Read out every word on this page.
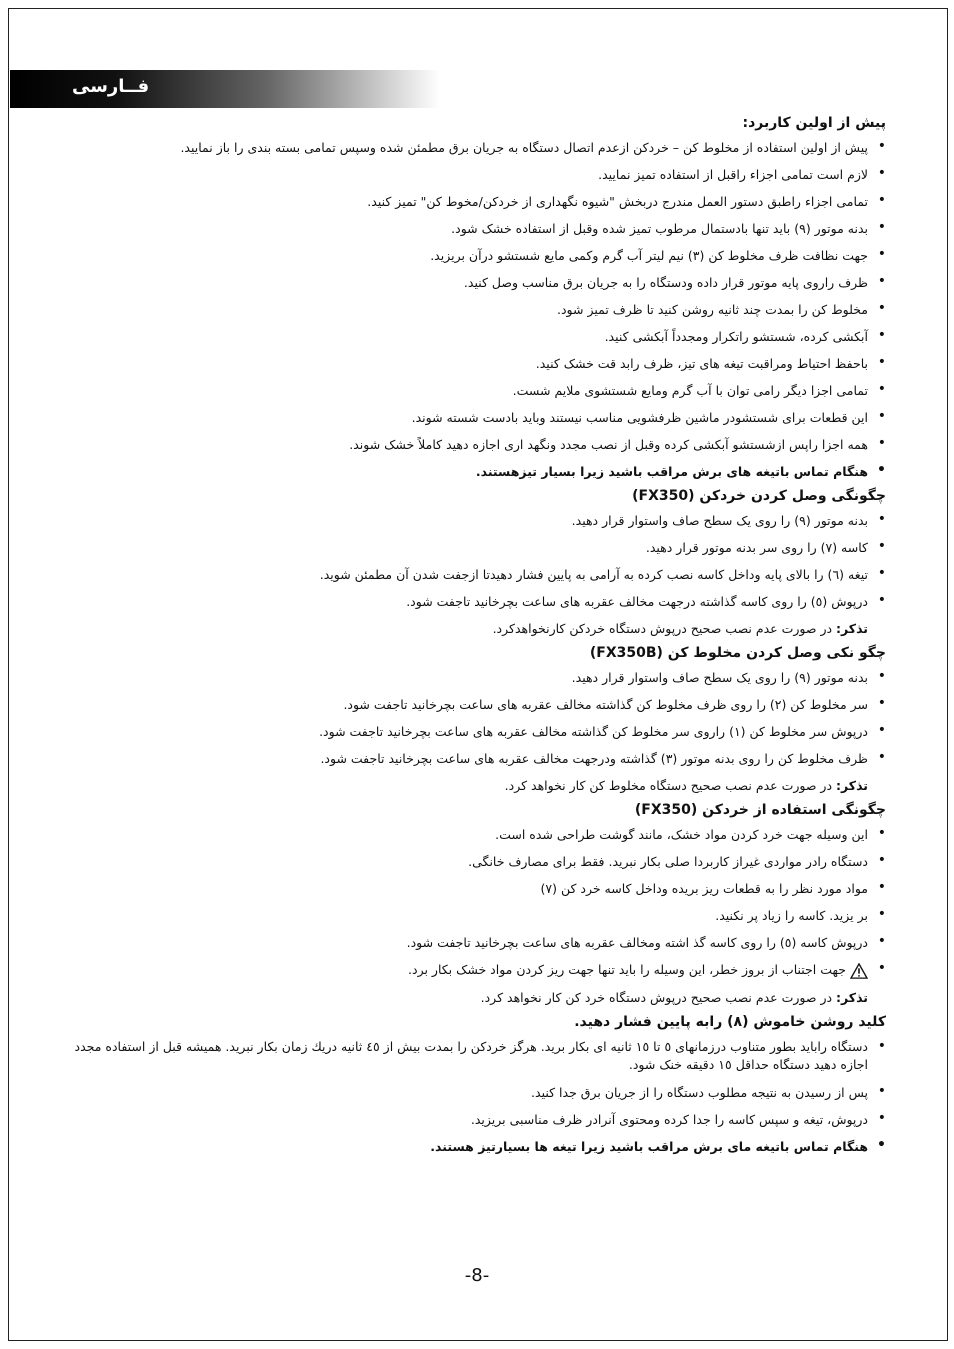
فــارسی

پیش از اولین کاربرد:

• پیش از اولین استفاده از مخلوط کن – خردکن ازعدم اتصال دستگاه به جریان برق مطمئن شده وسپس تمامی بسته بندی را باز نمایید.

• لازم است تمامی اجزاء راقبل از استفاده تمیز نمایید.

• تمامی اجزاء راطبق دستور العمل مندرج دربخش "شیوه نگهداری از خردکن/مخوط کن" تمیز کنید.

• بدنه موتور (۹) باید تنها بادستمال مرطوب تمیز شده وقبل از استفاده خشک شود.

• جهت نظافت ظرف مخلوط کن (۳) نیم لیتر آب گرم وکمی مایع شستشو درآن بریزید.

• ظرف راروی پایه موتور قرار داده ودستگاه را به جریان برق مناسب وصل کنید.

• مخلوط کن را بمدت چند ثانیه روشن کنید تا ظرف تمیز شود.

• آبکشی کرده، شستشو راتکرار ومجدداً آبکشی کنید.

• باحفظ احتیاط ومراقبت تیغه های تیز، ظرف رابد قت خشک کنید.

• تمامی اجزا دیگر رامی توان با آب گرم ومایع شستشوی ملایم شست.

• این قطعات برای شستشودر ماشین ظرفشویی مناسب نیستند وباید بادست شسته شوند.

• همه اجزا راپس ازشستشو آبکشی کرده وقبل از نصب مجدد ونگهد اری اجازه دهید کاملاً خشک شوند.

• هنگام تماس باتیغه های برش مراقب باشید زیرا بسیار تیزهستند.

چگونگی وصل کردن خردکن (FX350)

• بدنه موتور (۹) را روی یک سطح صاف واستوار قرار دهید.

• کاسه (۷) را روی سر بدنه موتور قرار دهید.

• تیغه (٦) را بالای پایه وداخل کاسه نصب کرده به آرامی به پایین فشار دهیدتا ازجفت شدن آن مطمئن شوید.

• درپوش (٥) را روی کاسه گذاشته درجهت مخالف عقربه های ساعت بچرخانید تاجفت شود.

تذکر: در صورت عدم نصب صحیح درپوش دستگاه خردکن کارنخواهدکرد.

چگو نکی وصل کردن مخلوط کن (FX350B)

• بدنه موتور (۹) را روی یک سطح صاف واستوار قرار دهید.

• سر مخلوط کن (۲) را روی ظرف مخلوط کن گذاشته مخالف عقربه های ساعت بچرخانید تاجفت شود.

• درپوش سر مخلوط کن (۱) راروی سر مخلوط کن گذاشته مخالف عقربه های ساعت بچرخانید تاجفت شود.

• ظرف مخلوط کن را روی بدنه موتور (۳) گذاشته ودرجهت مخالف عقربه های ساعت بچرخانید تاجفت شود.

تذکر: در صورت عدم نصب صحیح دستگاه مخلوط کن کار نخواهد کرد.

چگونگی استفاده از خردکن (FX350)

• این وسیله جهت خرد کردن مواد خشک، مانند گوشت طراحی شده است.

• دستگاه رادر مواردی غیراز کاربردا صلی بکار نبرید. فقط برای مصارف خانگی.

• مواد مورد نظر را به قطعات ریز بریده وداخل کاسه خرد کن (۷)

• بر یزید. کاسه را زیاد پر نکنید.

• درپوش کاسه (٥) را روی کاسه گذ اشته ومخالف عقربه های ساعت بچرخانید تاجفت شود.

• جهت اجتناب از بروز خطر، این وسیله را باید تنها جهت ریز کردن مواد خشک بکار برد.

تذکر: در صورت عدم نصب صحیح درپوش دستگاه خرد کن کار نخواهد کرد.

کلید روشن خاموش (۸) رابه پایین فشار دهید.

• دستگاه رابايد بطور متناوب درزمانهای ٥ تا ١٥ ثانيه ای بكار بريد. هرگز خردكن را بمدت بيش از ٤٥ ثانيه دريك زمان بكار نبريد. همیشه قبل از استفاده مجدد اجازه دهید دستگاه حداقل ١٥ دقیقه خنک شود.

• پس از رسیدن به نتیجه مطلوب دستگاه را از جریان برق جدا کنید.

• درپوش، تیغه و سپس کاسه را جدا کرده ومحتوی آنرادر ظرف مناسبی بریزید.

• هنگام تماس باتیغه مای برش مراقب باشید زیرا تیغه ها بسیارتیز هستند.

-8-
